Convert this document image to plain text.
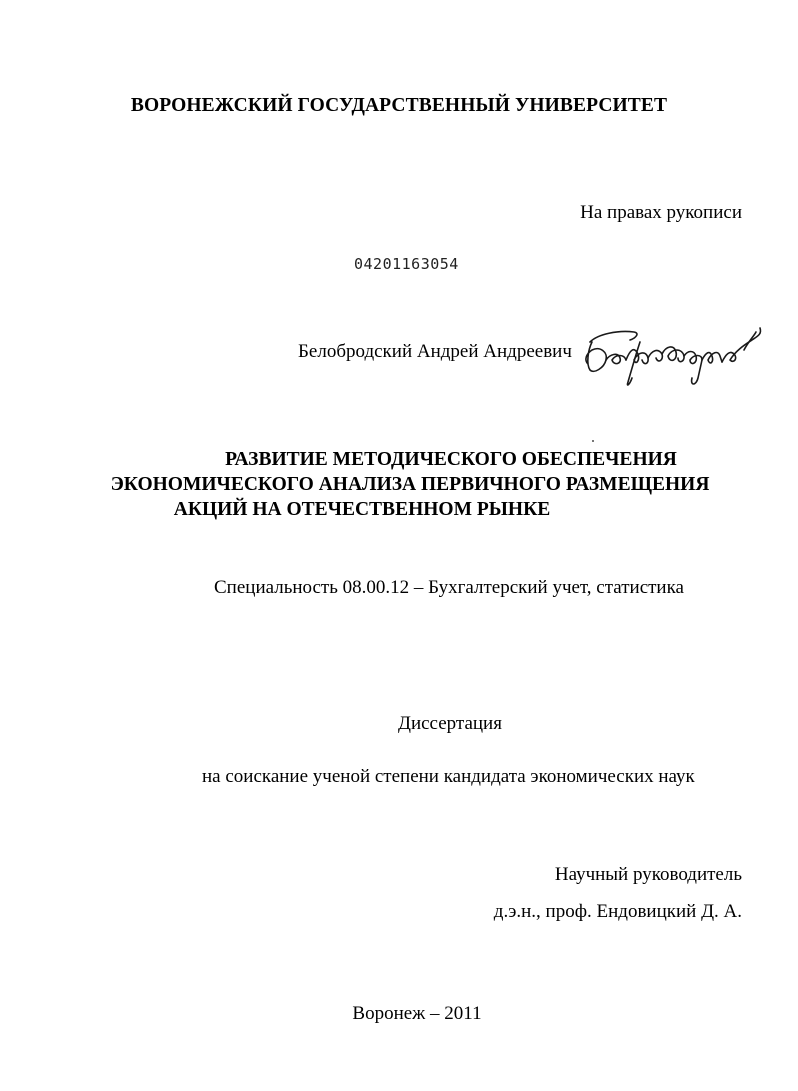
ВОРОНЕЖСКИЙ ГОСУДАРСТВЕННЫЙ УНИВЕРСИТЕТ
На правах рукописи
04201163054
Белобродский Андрей Андреевич
РАЗВИТИЕ МЕТОДИЧЕСКОГО ОБЕСПЕЧЕНИЯ
ЭКОНОМИЧЕСКОГО АНАЛИЗА ПЕРВИЧНОГО РАЗМЕЩЕНИЯ
АКЦИЙ НА ОТЕЧЕСТВЕННОМ РЫНКЕ
Специальность 08.00.12 – Бухгалтерский учет, статистика
Диссертация
на соискание ученой степени кандидата экономических наук
Научный руководитель
д.э.н., проф. Ендовицкий Д. А.
Воронеж – 2011
